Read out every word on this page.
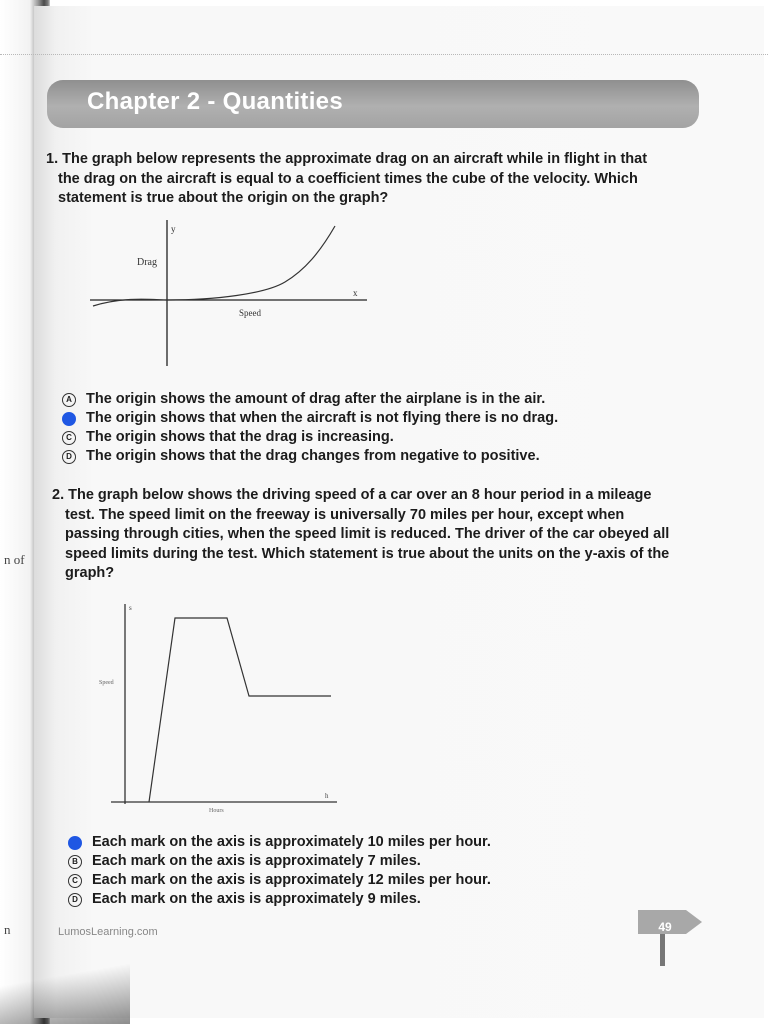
Chapter 2 - Quantities
n of
n
1. The graph below represents the approximate drag on an aircraft while in flight in that
the drag on the aircraft is equal to a coefficient times the cube of the velocity. Which
statement is true about the origin on the graph?
y
Drag
x
Speed
A The origin shows the amount of drag after the airplane is in the air.
The origin shows that when the aircraft is not flying there is no drag.
C The origin shows that the drag is increasing.
D The origin shows that the drag changes from negative to positive.
2. The graph below shows the driving speed of a car over an 8 hour period in a mileage
test. The speed limit on the freeway is universally 70 miles per hour, except when
passing through cities, when the speed limit is reduced. The driver of the car obeyed all
speed limits during the test. Which statement is true about the units on the y-axis of the
graph?
s
Speed
h
Hours
Each mark on the axis is approximately 10 miles per hour.
B Each mark on the axis is approximately 7 miles.
C Each mark on the axis is approximately 12 miles per hour.
D Each mark on the axis is approximately 9 miles.
LumosLearning.com	49
